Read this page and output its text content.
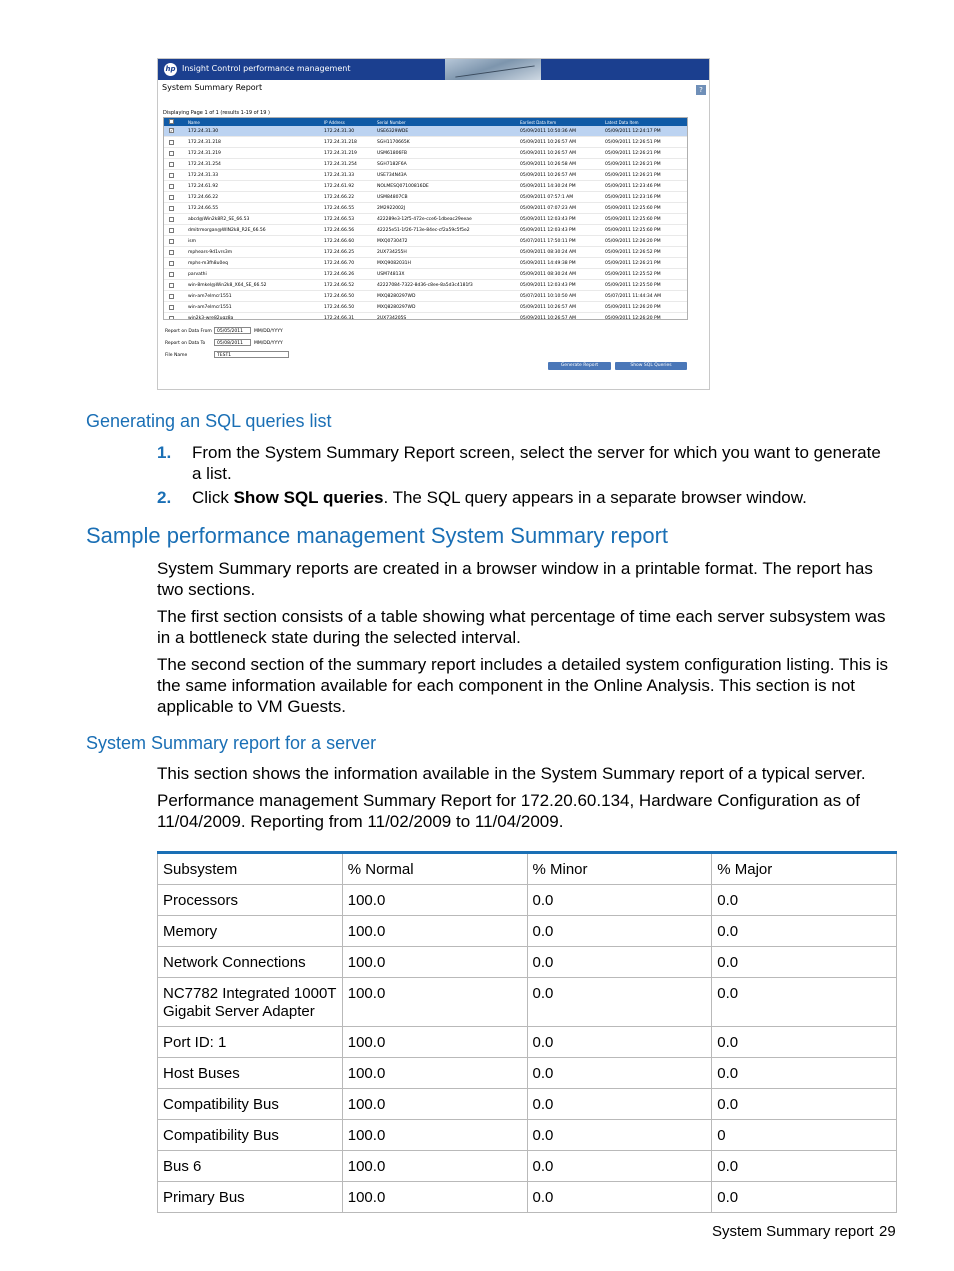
hp Insight Control performance management
System Summary Report	?
Displaying Page 1 of 1 (results 1-19 of 19 )
Name	IP Address	Serial Number	Earliest Data Item	Latest Data Item
✓	172.24.31.30	172.24.31.30	USE6329WDE	05/09/2011 10:50:36 AM	05/09/2011 12:24:17 PM
172.24.31.218	172.24.31.218	SGH1170665K	05/09/2011 10:26:57 AM	05/09/2011 12:26:51 PM
172.24.31.219	172.24.31.219	USM61806FB	05/09/2011 10:26:57 AM	05/09/2011 12:26:21 PM
172.24.31.254	172.24.31.254	SGH7182F6A	05/09/2011 10:26:58 AM	05/09/2011 12:26:21 PM
172.24.31.33	172.24.31.33	USE734N43A	05/09/2011 10:26:57 AM	05/09/2011 12:26:21 PM
172.24.61.92	172.24.61.92	NOLMESQ07100816DE	05/09/2011 14:30:24 PM	05/09/2011 12:23:46 PM
172.24.66.22	172.24.66.22	USM84807CB	05/09/2011 07:57:1 AM	05/09/2011 12:23:16 PM
172.24.66.55	172.24.66.55	2M2922002J	05/09/2011 07:07:23 AM	05/09/2011 12:25:60 PM
abcd@Win2k8R2_SE_66.53	172.24.66.53	422289e3-12f5-472e-cce6-1dbeac29eeae	05/09/2011 12:03:43 PM	05/09/2011 12:25:60 PM
dmitrmorgan@WIN2k8_R2E_66.56	172.24.66.56	42225e51-1f26-713e-84ec-cf2a59c5f5e2	05/09/2011 12:03:43 PM	05/09/2011 12:25:60 PM
ism	172.24.66.60	MXQ0730472	05/07/2011 17:50:11 PM	05/09/2011 12:26:20 PM
mphears-9d1vrs3m	172.24.66.25	2UX734255H	05/09/2011 08:30:24 AM	05/09/2011 12:26:52 PM
mphs-m3fh8u0eq	172.24.66.70	MXQ9082031H	05/09/2011 14:49:38 PM	05/09/2011 12:26:21 PM
parvathi	172.24.66.26	USM74813X	05/09/2011 08:30:24 AM	05/09/2011 12:25:52 PM
win-8mkel@Win2k8_X64_SE_66.52	172.24.66.52	42227084-7322-8d36-c8ee-8a5d3c4181f3	05/09/2011 12:03:43 PM	05/09/2011 12:25:50 PM
win-am7elmcr1551	172.24.66.50	MXQ8280297WD	05/07/2011 10:10:50 AM	05/07/2011 11:44:34 AM
win-am7elmcr1551	172.24.66.50	MXQ8280297WD	05/09/2011 10:26:57 AM	05/09/2011 12:26:20 PM
win2k3-wre82uqz8a	172.24.66.31	2UX734205S	05/09/2011 10:26:57 AM	05/09/2011 12:26:20 PM
Report on Data From	05/05/2011	MM/DD/YYYY
Report on Data To	05/08/2011	MM/DD/YYYY
File Name	TEST1
Generate Report	Show SQL Queries
Generating an SQL queries list
1. From the System Summary Report screen, select the server for which you want to generate a list.
2. Click Show SQL queries. The SQL query appears in a separate browser window.
Sample performance management System Summary report

System Summary reports are created in a browser window in a printable format. The report has two sections.

The first section consists of a table showing what percentage of time each server subsystem was in a bottleneck state during the selected interval.

The second section of the summary report includes a detailed system configuration listing. This is the same information available for each component in the Online Analysis. This section is not applicable to VM Guests.

System Summary report for a server

This section shows the information available in the System Summary report of a typical server.

Performance management Summary Report for 172.20.60.134, Hardware Configuration as of 11/04/2009. Reporting from 11/02/2009 to 11/04/2009.

Subsystem	% Normal	% Minor	% Major
Processors	100.0	0.0	0.0
Memory	100.0	0.0	0.0
Network Connections	100.0	0.0	0.0
NC7782 Integrated 1000T Gigabit Server Adapter	100.0	0.0	0.0
Port ID: 1	100.0	0.0	0.0
Host Buses	100.0	0.0	0.0
Compatibility Bus	100.0	0.0	0.0
Compatibility Bus	100.0	0.0	0
Bus 6	100.0	0.0	0.0
Primary Bus	100.0	0.0	0.0
System Summary report 29
